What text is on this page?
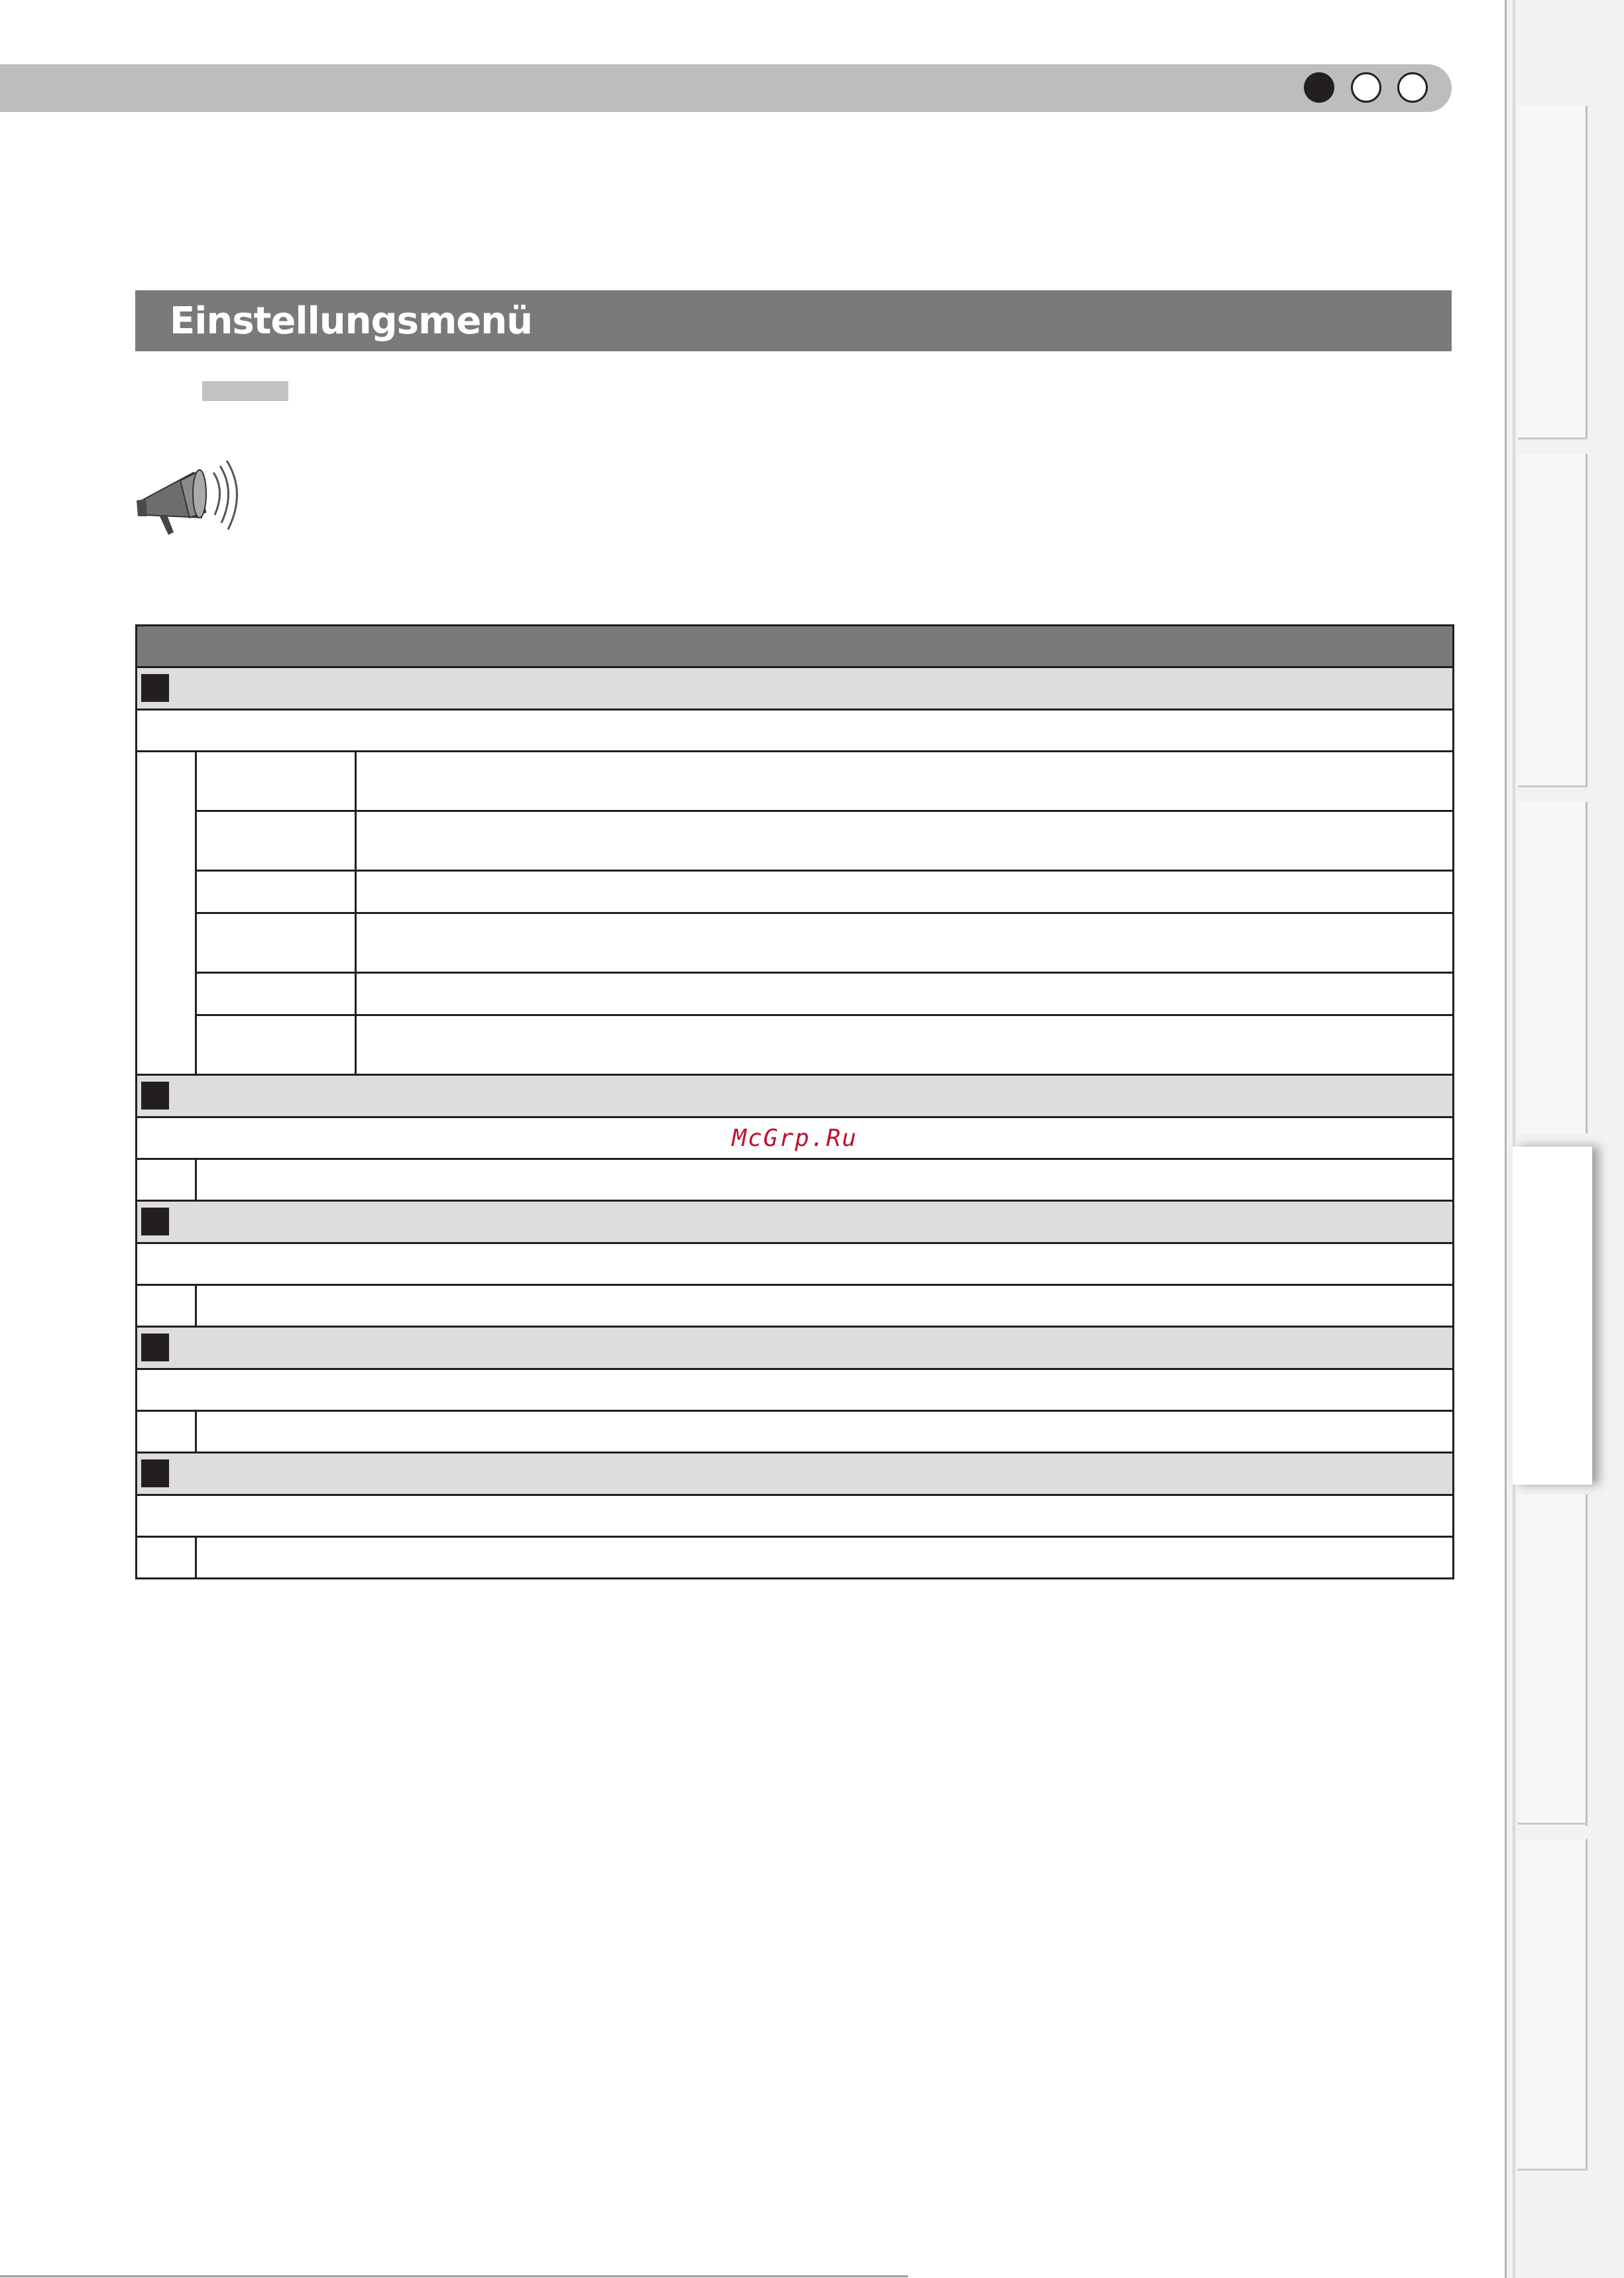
Einstellungsmenü

McGrp.Ru		
